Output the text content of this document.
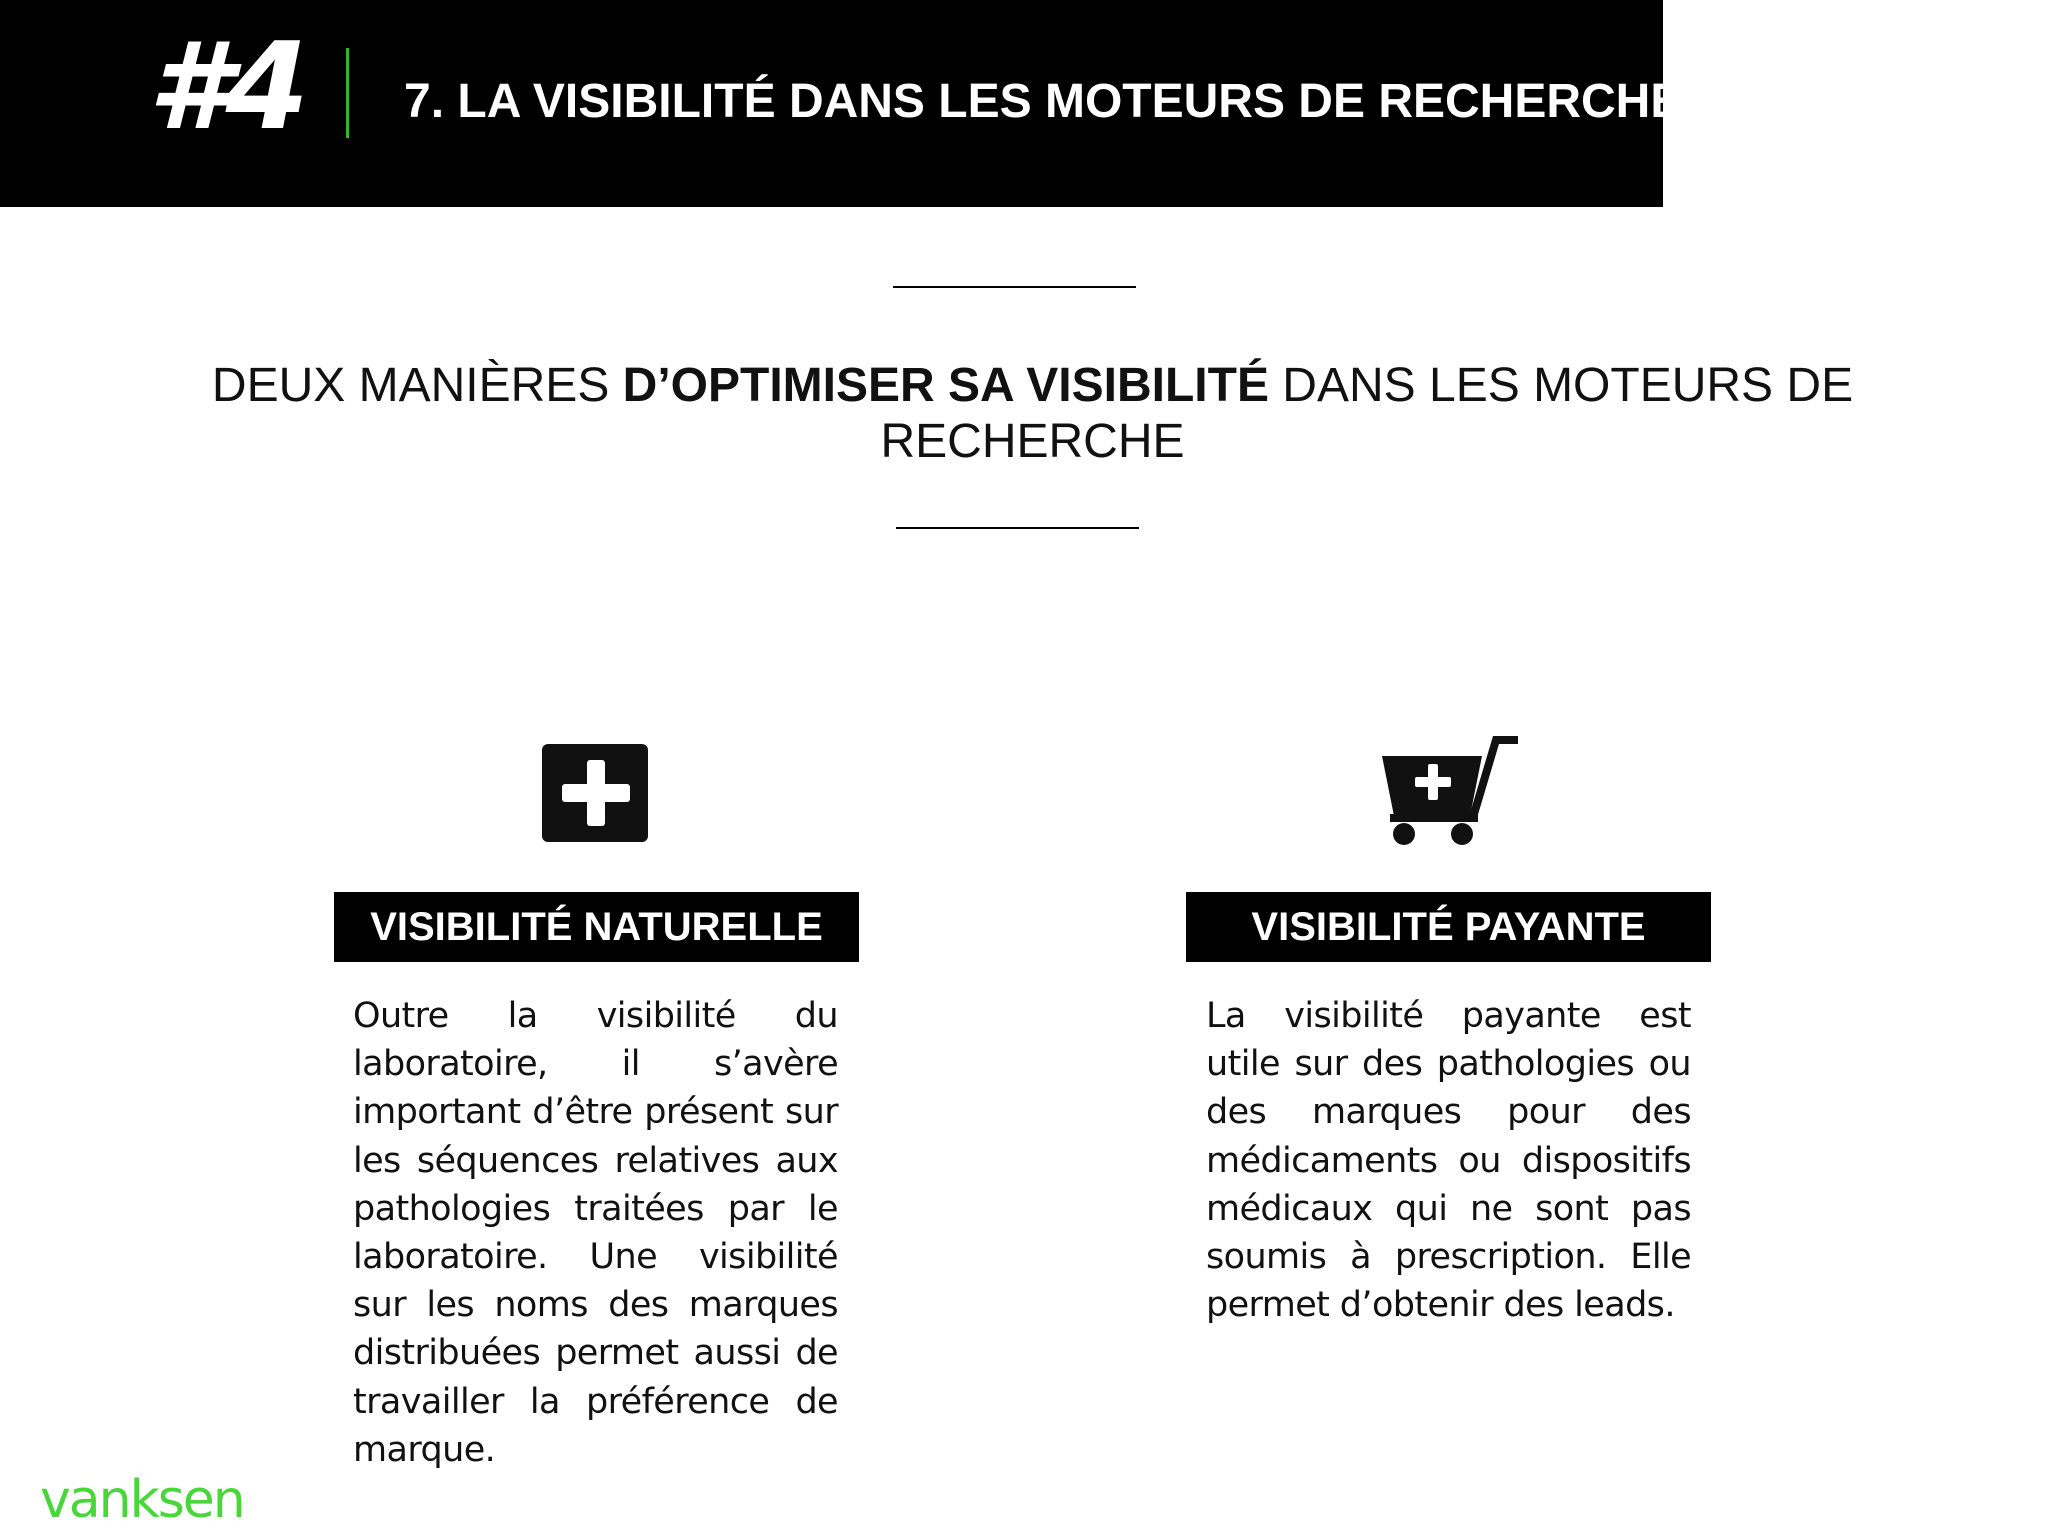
#4 7. LA VISIBILITÉ DANS LES MOTEURS DE RECHERCHE
DEUX MANIÈRES D’OPTIMISER SA VISIBILITÉ DANS LES MOTEURS DE RECHERCHE
VISIBILITÉ NATURELLE
Outre la visibilité du laboratoire, il s’avère important d’être présent sur les séquences relatives aux pathologies traitées par le laboratoire. Une visibilité sur les noms des marques distribuées permet aussi de travailler la préférence de marque.
VISIBILITÉ PAYANTE
La visibilité payante est utile sur des pathologies ou des marques pour des médicaments ou dispositifs médicaux qui ne sont pas soumis à prescription. Elle permet d’obtenir des leads.
vanksen
